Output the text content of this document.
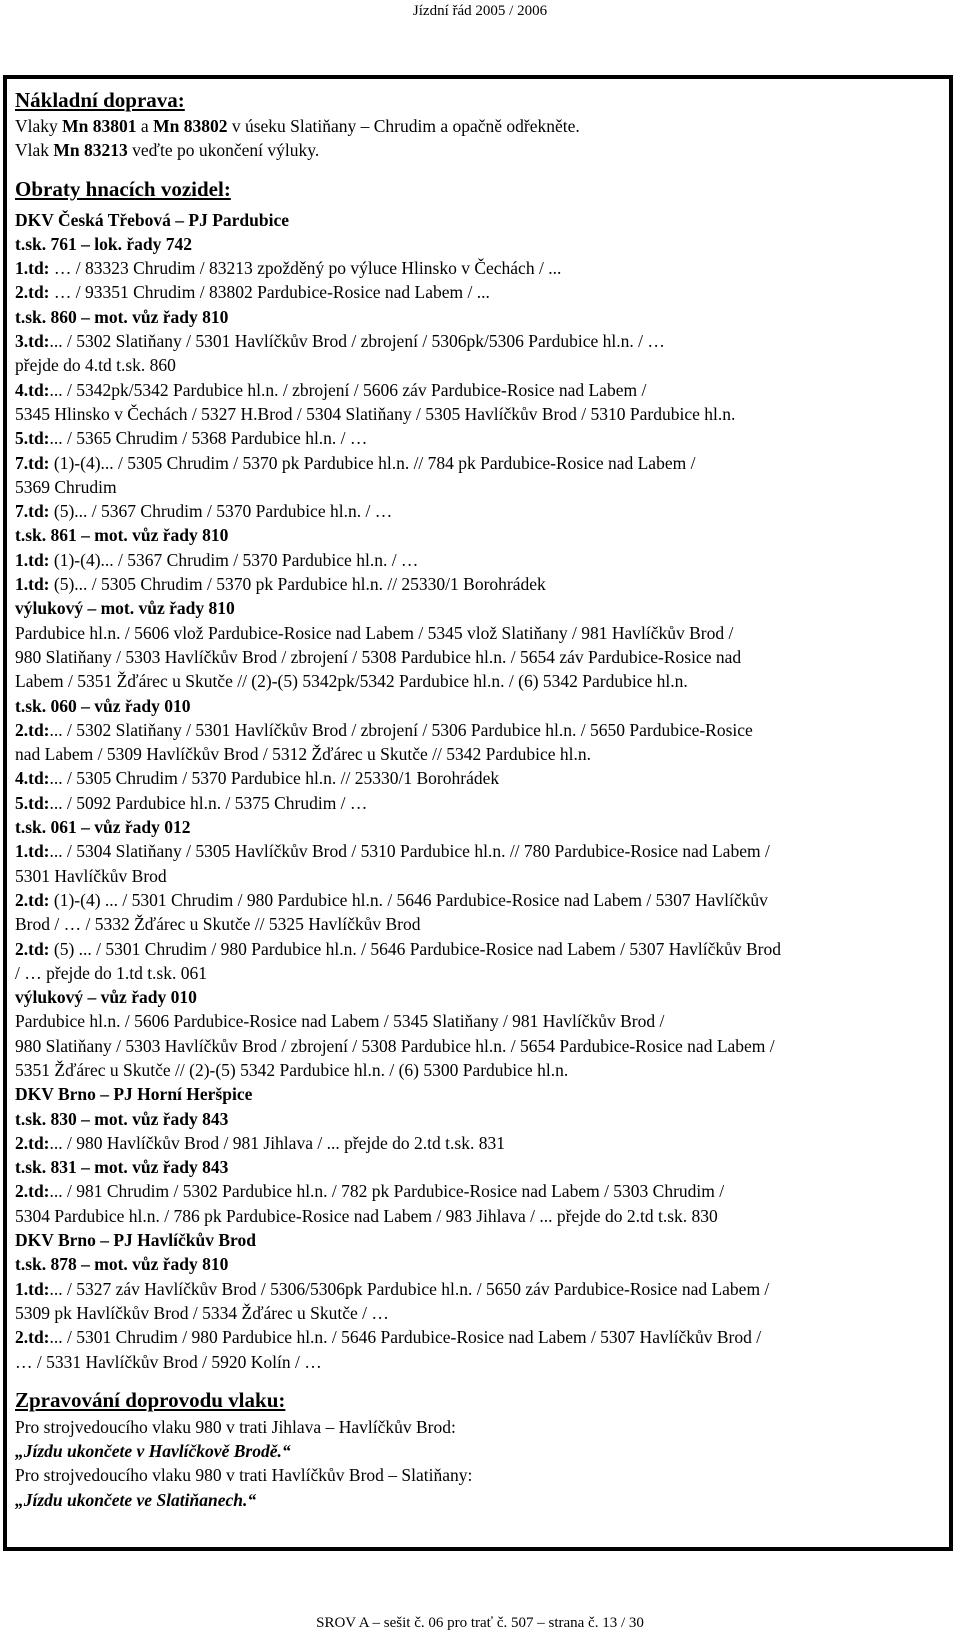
Jízdní řád 2005 / 2006
Nákladní doprava:
Vlaky Mn 83801 a Mn 83802 v úseku Slatiňany – Chrudim a opačně odřekněte.
Vlak Mn 83213 veďte po ukončení výluky.
Obraty hnacích vozidel:
DKV Česká Třebová – PJ Pardubice
t.sk. 761 – lok. řady 742
1.td: … / 83323 Chrudim / 83213 zpožděný po výluce Hlinsko v Čechách / ...
2.td: … / 93351 Chrudim / 83802 Pardubice-Rosice nad Labem / ...
t.sk. 860 – mot. vůz řady 810
3.td:... / 5302 Slatiňany / 5301 Havlíčkův Brod / zbrojení / 5306pk/5306 Pardubice hl.n. / …
přejde do 4.td t.sk. 860
4.td:... / 5342pk/5342 Pardubice hl.n. / zbrojení / 5606 záv Pardubice-Rosice nad Labem /
5345 Hlinsko v Čechách / 5327 H.Brod / 5304 Slatiňany / 5305 Havlíčkův Brod / 5310 Pardubice hl.n.
5.td:... / 5365 Chrudim / 5368 Pardubice hl.n. / …
7.td: (1)-(4)... / 5305 Chrudim / 5370 pk Pardubice hl.n. // 784 pk Pardubice-Rosice nad Labem /
5369 Chrudim
7.td: (5)... / 5367 Chrudim / 5370 Pardubice hl.n. / …
t.sk. 861 – mot. vůz řady 810
1.td: (1)-(4)... / 5367 Chrudim / 5370 Pardubice hl.n. / …
1.td: (5)... / 5305 Chrudim / 5370 pk Pardubice hl.n. // 25330/1 Borohrádek
výlukový – mot. vůz řady 810
Pardubice hl.n. / 5606 vlož Pardubice-Rosice nad Labem / 5345 vlož Slatiňany / 981 Havlíčkův Brod /
980 Slatiňany / 5303 Havlíčkův Brod / zbrojení / 5308 Pardubice hl.n. / 5654 záv Pardubice-Rosice nad
Labem / 5351 Žďárec u Skutče // (2)-(5) 5342pk/5342 Pardubice hl.n. / (6) 5342 Pardubice hl.n.
t.sk. 060 – vůz řady 010
2.td:... / 5302 Slatiňany / 5301 Havlíčkův Brod / zbrojení / 5306 Pardubice hl.n. / 5650 Pardubice-Rosice
nad Labem / 5309 Havlíčkův Brod / 5312 Žďárec u Skutče // 5342 Pardubice hl.n.
4.td:... / 5305 Chrudim / 5370 Pardubice hl.n. // 25330/1 Borohrádek
5.td:... / 5092 Pardubice hl.n. / 5375 Chrudim / …
t.sk. 061 – vůz řady 012
1.td:... / 5304 Slatiňany / 5305 Havlíčkův Brod / 5310 Pardubice hl.n. // 780 Pardubice-Rosice nad Labem /
5301 Havlíčkův Brod
2.td: (1)-(4) ... / 5301 Chrudim / 980 Pardubice hl.n. / 5646 Pardubice-Rosice nad Labem / 5307 Havlíčkův
Brod / … / 5332 Žďárec u Skutče // 5325 Havlíčkův Brod
2.td: (5) ... / 5301 Chrudim / 980 Pardubice hl.n. / 5646 Pardubice-Rosice nad Labem / 5307 Havlíčkův Brod
/ … přejde do 1.td t.sk. 061
výlukový – vůz řady 010
Pardubice hl.n. / 5606 Pardubice-Rosice nad Labem / 5345 Slatiňany / 981 Havlíčkův Brod /
980 Slatiňany / 5303 Havlíčkův Brod / zbrojení / 5308 Pardubice hl.n. / 5654 Pardubice-Rosice nad Labem /
5351 Žďárec u Skutče // (2)-(5) 5342 Pardubice hl.n. / (6) 5300 Pardubice hl.n.
DKV Brno – PJ Horní Heršpice
t.sk. 830 – mot. vůz řady 843
2.td:... / 980 Havlíčkův Brod / 981 Jihlava / ... přejde do 2.td t.sk. 831
t.sk. 831 – mot. vůz řady 843
2.td:... / 981 Chrudim / 5302 Pardubice hl.n. / 782 pk Pardubice-Rosice nad Labem / 5303 Chrudim /
5304 Pardubice hl.n. / 786 pk Pardubice-Rosice nad Labem / 983 Jihlava / ... přejde do 2.td t.sk. 830
DKV Brno – PJ Havlíčkův Brod
t.sk. 878 – mot. vůz řady 810
1.td:... / 5327 záv Havlíčkův Brod / 5306/5306pk Pardubice hl.n. / 5650 záv Pardubice-Rosice nad Labem /
5309 pk Havlíčkův Brod / 5334 Žďárec u Skutče / …
2.td:... / 5301 Chrudim / 980 Pardubice hl.n. / 5646 Pardubice-Rosice nad Labem / 5307 Havlíčkův Brod /
… / 5331 Havlíčkův Brod / 5920 Kolín / …
Zpravování doprovodu vlaku:
Pro strojvedoucího vlaku 980 v trati Jihlava – Havlíčkův Brod:
„Jízdu ukončete v Havlíčkově Brodě.“
Pro strojvedoucího vlaku 980 v trati Havlíčkův Brod – Slatiňany:
„Jízdu ukončete ve Slatiňanech.“
SROV A – sešit č. 06 pro trať č. 507 – strana č. 13 / 30
